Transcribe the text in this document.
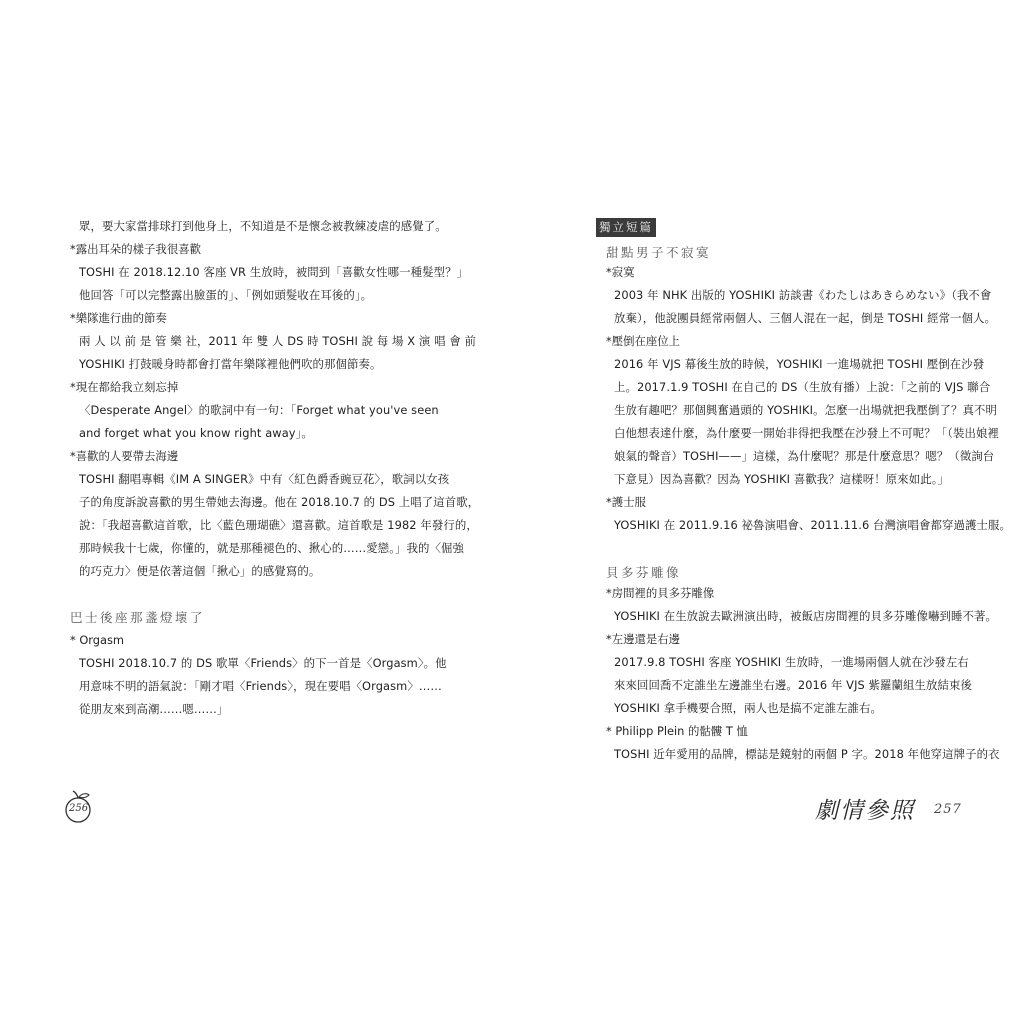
眾，要大家當排球打到他身上，不知道是不是懷念被教練凌虐的感覺了。
*露出耳朵的樣子我很喜歡
TOSHI 在 2018.12.10 客座 VR 生放時，被問到「喜歡女性哪一種髮型？」
他回答「可以完整露出臉蛋的」、「例如頭髮收在耳後的」。
*樂隊進行曲的節奏
兩 人 以 前 是 管 樂 社，2011 年 雙 人 DS 時 TOSHI 說 每 場 X 演 唱 會 前
YOSHIKI 打鼓暖身時都會打當年樂隊裡他們吹的那個節奏。
*現在都給我立刻忘掉
〈Desperate Angel〉的歌詞中有一句：「Forget what you've seen
and forget what you know right away」。
*喜歡的人要帶去海邊
TOSHI 翻唱專輯《IM A SINGER》中有〈紅色爵香豌豆花〉，歌詞以女孩
子的角度訴說喜歡的男生帶她去海邊。他在 2018.10.7 的 DS 上唱了這首歌，
說：「我超喜歡這首歌，比〈藍色珊瑚礁〉還喜歡。這首歌是 1982 年發行的，
那時候我十七歲，你懂的，就是那種褪色的、揪心的……愛戀。」我的〈倔強
的巧克力〉便是依著這個「揪心」的感覺寫的。
巴士後座那盞燈壞了
* Orgasm
TOSHI 2018.10.7 的 DS 歌單〈Friends〉的下一首是〈Orgasm〉。他
用意味不明的語氣說：「剛才唱〈Friends〉，現在要唱〈Orgasm〉……
從朋友來到高潮……嗯……」
256
獨立短篇
甜點男子不寂寞
*寂寞
2003 年 NHK 出版的 YOSHIKI 訪談書《わたしはあきらめない》（我不會
放棄），他說團員經常兩個人、三個人混在一起，倒是 TOSHI 經常一個人。
*壓倒在座位上
2016 年 VJS 幕後生放的時候，YOSHIKI 一進場就把 TOSHI 壓倒在沙發
上。2017.1.9 TOSHI 在自己的 DS（生放有播）上說：「之前的 VJS 聯合
生放有趣吧？那個興奮過頭的 YOSHIKI。怎麼一出場就把我壓倒了？真不明
白他想表達什麼，為什麼要一開始非得把我壓在沙發上不可呢？「（裝出娘裡
娘氣的聲音）TOSHI——」這樣，為什麼呢？那是什麼意思？嗯？（徵詢台
下意見）因為喜歡？因為 YOSHIKI 喜歡我？這樣呀！原來如此。」
*護士服
YOSHIKI 在 2011.9.16 祕魯演唱會、2011.11.6 台灣演唱會都穿過護士服。
貝多芬雕像
*房間裡的貝多芬雕像
YOSHIKI 在生放說去歐洲演出時，被飯店房間裡的貝多芬雕像嚇到睡不著。
*左邊還是右邊
2017.9.8 TOSHI 客座 YOSHIKI 生放時，一進場兩個人就在沙發左右
來來回回喬不定誰坐左邊誰坐右邊。2016 年 VJS 紫羅蘭組生放結束後
YOSHIKI 拿手機要合照，兩人也是搞不定誰左誰右。
* Philipp Plein 的骷髏 T 恤
TOSHI 近年愛用的品牌，標誌是鏡射的兩個 P 字。2018 年他穿這牌子的衣
劇情參照 257
